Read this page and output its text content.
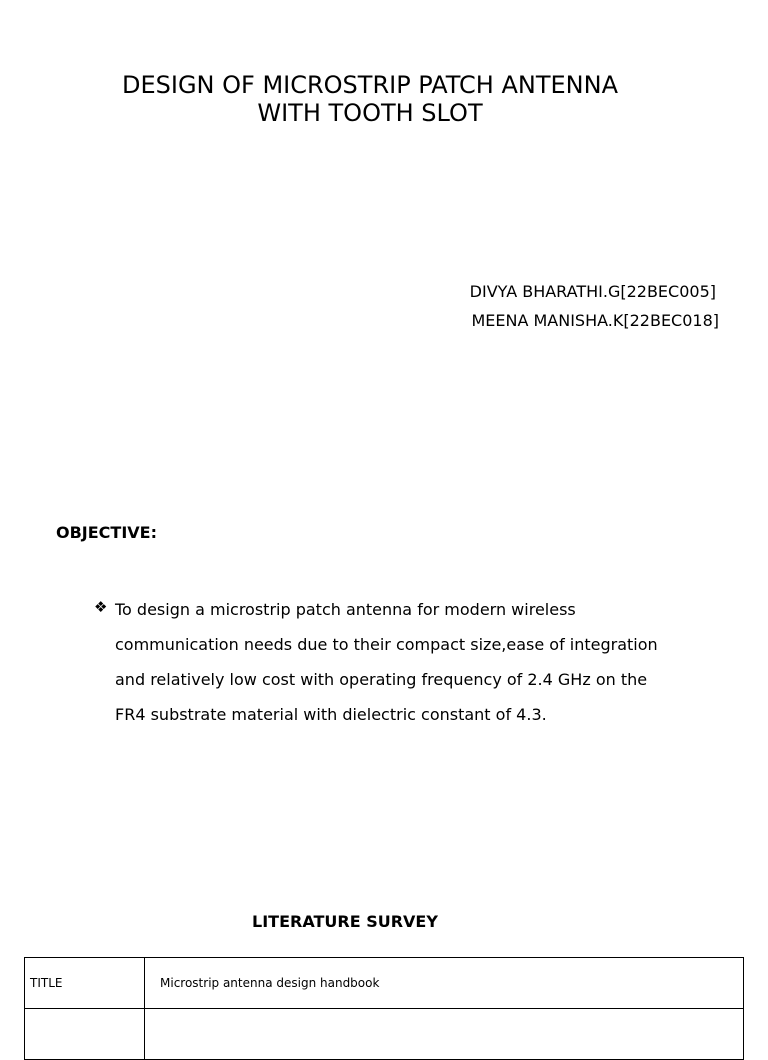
DESIGN OF MICROSTRIP PATCH ANTENNA
WITH TOOTH SLOT
DIVYA BHARATHI.G[22BEC005]
MEENA MANISHA.K[22BEC018]
OBJECTIVE:
❖ To design a microstrip patch antenna for modern wireless
communication needs due to their compact size,ease of integration
and relatively low cost with operating frequency of 2.4 GHz on the
FR4 substrate material with dielectric constant of 4.3.
LITERATURE SURVEY
TITLE	Microstrip antenna design handbook
